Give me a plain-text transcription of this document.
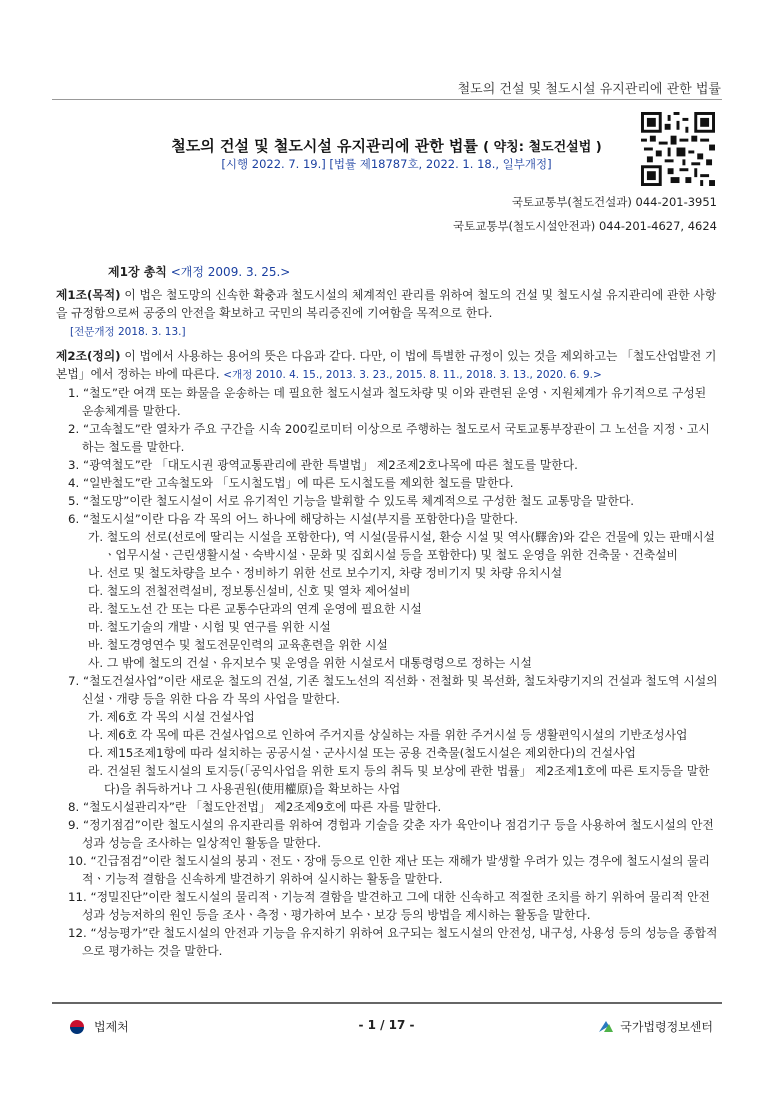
철도의 건설 및 철도시설 유지관리에 관한 법률
철도의 건설 및 철도시설 유지관리에 관한 법률 ( 약칭: 철도건설법 )
[시행 2022. 7. 19.] [법률 제18787호, 2022. 1. 18., 일부개정]
국토교통부(철도건설과) 044-201-3951
국토교통부(철도시설안전과) 044-201-4627, 4624
제1장 총칙 <개정 2009. 3. 25.>

제1조(목적) 이 법은 철도망의 신속한 확충과 철도시설의 체계적인 관리를 위하여 철도의 건설 및 철도시설 유지관리에 관한 사항을 규정함으로써 공중의 안전을 확보하고 국민의 복리증진에 기여함을 목적으로 한다.
[전문개정 2018. 3. 13.]

제2조(정의) 이 법에서 사용하는 용어의 뜻은 다음과 같다. 다만, 이 법에 특별한 규정이 있는 것을 제외하고는 「철도산업발전 기본법」에서 정하는 바에 따른다. <개정 2010. 4. 15., 2013. 3. 23., 2015. 8. 11., 2018. 3. 13., 2020. 6. 9.>

1. “철도”란 여객 또는 화물을 운송하는 데 필요한 철도시설과 철도차량 및 이와 관련된 운영ㆍ지원체계가 유기적으로 구성된 운송체계를 말한다.

2. “고속철도”란 열차가 주요 구간을 시속 200킬로미터 이상으로 주행하는 철도로서 국토교통부장관이 그 노선을 지정ㆍ고시하는 철도를 말한다.

3. “광역철도”란 「대도시권 광역교통관리에 관한 특별법」 제2조제2호나목에 따른 철도를 말한다.

4. “일반철도”란 고속철도와 「도시철도법」에 따른 도시철도를 제외한 철도를 말한다.

5. “철도망”이란 철도시설이 서로 유기적인 기능을 발휘할 수 있도록 체계적으로 구성한 철도 교통망을 말한다.

6. “철도시설”이란 다음 각 목의 어느 하나에 해당하는 시설(부지를 포함한다)을 말한다.

가. 철도의 선로(선로에 딸리는 시설을 포함한다), 역 시설(물류시설, 환승 시설 및 역사(驛舍)와 같은 건물에 있는 판매시설ㆍ업무시설ㆍ근린생활시설ㆍ숙박시설ㆍ문화 및 집회시설 등을 포함한다) 및 철도 운영을 위한 건축물ㆍ건축설비

나. 선로 및 철도차량을 보수ㆍ정비하기 위한 선로 보수기지, 차량 정비기지 및 차량 유치시설

다. 철도의 전철전력설비, 정보통신설비, 신호 및 열차 제어설비

라. 철도노선 간 또는 다른 교통수단과의 연계 운영에 필요한 시설

마. 철도기술의 개발ㆍ시험 및 연구를 위한 시설

바. 철도경영연수 및 철도전문인력의 교육훈련을 위한 시설

사. 그 밖에 철도의 건설ㆍ유지보수 및 운영을 위한 시설로서 대통령령으로 정하는 시설

7. “철도건설사업”이란 새로운 철도의 건설, 기존 철도노선의 직선화ㆍ전철화 및 복선화, 철도차량기지의 건설과 철도역 시설의 신설ㆍ개량 등을 위한 다음 각 목의 사업을 말한다.

가. 제6호 각 목의 시설 건설사업

나. 제6호 각 목에 따른 건설사업으로 인하여 주거지를 상실하는 자를 위한 주거시설 등 생활편익시설의 기반조성사업

다. 제15조제1항에 따라 설치하는 공공시설ㆍ군사시설 또는 공용 건축물(철도시설은 제외한다)의 건설사업

라. 건설된 철도시설의 토지등(「공익사업을 위한 토지 등의 취득 및 보상에 관한 법률」 제2조제1호에 따른 토지등을 말한다)을 취득하거나 그 사용권원(使用權原)을 확보하는 사업

8. “철도시설관리자”란 「철도안전법」 제2조제9호에 따른 자를 말한다.

9. “정기점검”이란 철도시설의 유지관리를 위하여 경험과 기술을 갖춘 자가 육안이나 점검기구 등을 사용하여 철도시설의 안전성과 성능을 조사하는 일상적인 활동을 말한다.

10. “긴급점검”이란 철도시설의 붕괴ㆍ전도ㆍ장애 등으로 인한 재난 또는 재해가 발생할 우려가 있는 경우에 철도시설의 물리적ㆍ기능적 결함을 신속하게 발견하기 위하여 실시하는 활동을 말한다.

11. “정밀진단”이란 철도시설의 물리적ㆍ기능적 결함을 발견하고 그에 대한 신속하고 적절한 조치를 하기 위하여 물리적 안전성과 성능저하의 원인 등을 조사ㆍ측정ㆍ평가하여 보수ㆍ보강 등의 방법을 제시하는 활동을 말한다.

12. “성능평가”란 철도시설의 안전과 기능을 유지하기 위하여 요구되는 철도시설의 안전성, 내구성, 사용성 등의 성능을 종합적으로 평가하는 것을 말한다.

법제처	- 1 / 17 -	국가법령정보센터
